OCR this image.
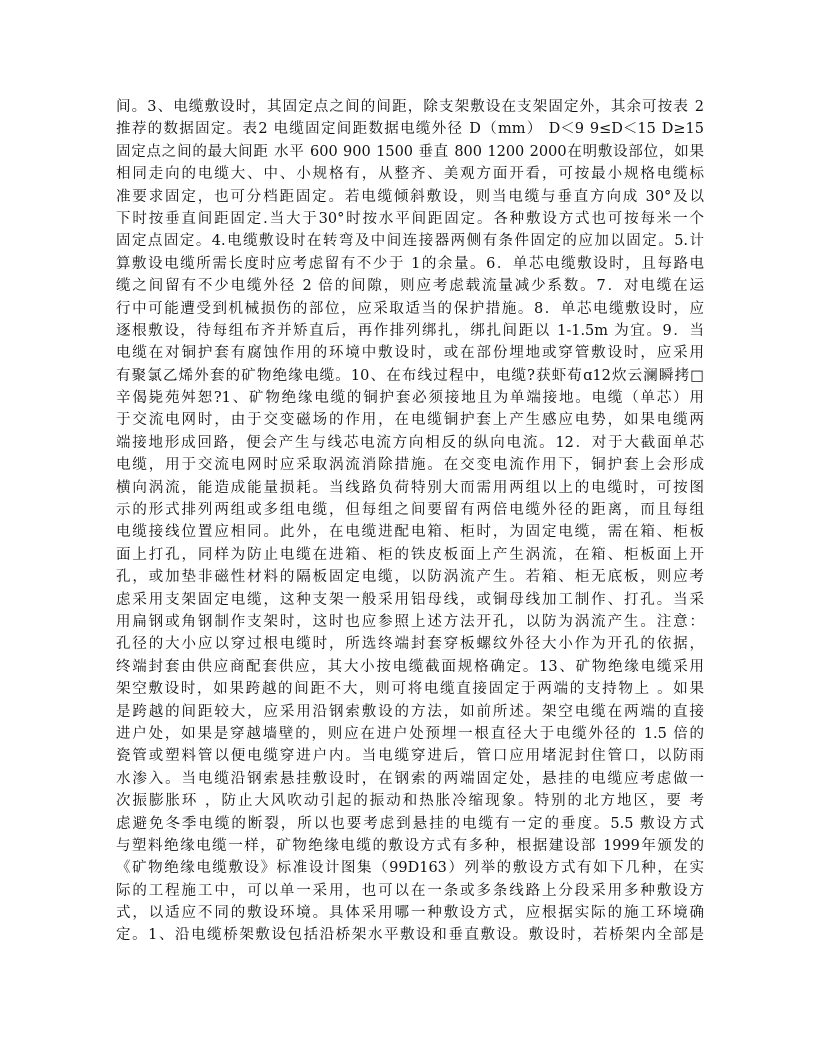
间。3、电缆敷设时，其固定点之间的间距，除支架敷设在支架固定外，其余可按表 2
推荐的数据固定。表2 电缆固定间距数据电缆外径 D（mm） D＜9 9≤D＜15 D≥15
固定点之间的最大间距 水平 600 900 1500 垂直 800 1200 2000在明敷设部位，如果
相同走向的电缆大、中、小规格有，从整齐、美观方面开看，可按最小规格电缆标
准要求固定，也可分档距固定。若电缆倾斜敷设，则当电缆与垂直方向成 30°及以
下时按垂直间距固定.当大于30°时按水平间距固定。各种敷设方式也可按每米一个
固定点固定。4.电缆敷设时在转弯及中间连接器两侧有条件固定的应加以固定。5.计
算敷设电缆所需长度时应考虑留有不少于 1的余量。6．单芯电缆敷设时，且每路电
缆之间留有不少电缆外径 2 倍的间隙，则应考虑载流量减少系数。7．对电缆在运
行中可能遭受到机械损伤的部位，应采取适当的保护措施。8．单芯电缆敷设时，应
逐根敷设，待每组布齐并矫直后，再作排列绑扎，绑扎间距以 1-1.5m 为宜。9．当
电缆在对铜护套有腐蚀作用的环境中敷设时，或在部份埋地或穿管敷设时，应采用
有聚氯乙烯外套的矿物绝缘电缆。10、在布线过程中，电缆?获虾荀ɑ12炊云澜瞬拷□
辛偈毙苑舛恕?1、矿物绝缘电缆的铜护套必须接地且为单端接地。电缆（单芯）用
于交流电网时，由于交变磁场的作用，在电缆铜护套上产生感应电势，如果电缆两
端接地形成回路，便会产生与线芯电流方向相反的纵向电流。12．对于大截面单芯
电缆，用于交流电网时应采取涡流消除措施。在交变电流作用下，铜护套上会形成
横向涡流，能造成能量损耗。当线路负荷特别大而需用两组以上的电缆时，可按图
示的形式排列两组或多组电缆，但每组之间要留有两倍电缆外径的距离，而且每组
电缆接线位置应相同。此外，在电缆进配电箱、柜时，为固定电缆，需在箱、柜板
面上打孔，同样为防止电缆在进箱、柜的铁皮板面上产生涡流，在箱、柜板面上开
孔，或加垫非磁性材料的隔板固定电缆，以防涡流产生。若箱、柜无底板，则应考
虑采用支架固定电缆，这种支架一般采用铝母线，或铜母线加工制作、打孔。当采
用扁钢或角钢制作支架时，这时也应参照上述方法开孔，以防为涡流产生。注意：
孔径的大小应以穿过根电缆时，所选终端封套穿板螺纹外径大小作为开孔的依据，
终端封套由供应商配套供应，其大小按电缆截面规格确定。13、矿物绝缘电缆采用
架空敷设时，如果跨越的间距不大，则可将电缆直接固定于两端的支持物上 。如果
是跨越的间距较大，应采用沿钢索敷设的方法，如前所述。架空电缆在两端的直接
进户处，如果是穿越墙壁的，则应在进户处预埋一根直径大于电缆外径的 1.5 倍的
瓷管或塑料管以便电缆穿进户内。当电缆穿进后，管口应用堵泥封住管口，以防雨
水渗入。当电缆沿钢索悬挂敷设时，在钢索的两端固定处，悬挂的电缆应考虑做一
次振膨胀环 ，防止大风吹动引起的振动和热胀冷缩现象。特别的北方地区，要 考
虑避免冬季电缆的断裂，所以也要考虑到悬挂的电缆有一定的垂度。5.5 敷设方式
与塑料绝缘电缆一样，矿物绝缘电缆的敷设方式有多种，根据建设部 1999年颁发的
《矿物绝缘电缆敷设》标准设计图集（99D163）列举的敷设方式有如下几种，在实
际的工程施工中，可以单一采用，也可以在一条或多条线路上分段采用多种敷设方
式，以适应不同的敷设环境。具体采用哪一种敷设方式，应根据实际的施工环境确
定。1、沿电缆桥架敷设包括沿桥架水平敷设和垂直敷设。敷设时，若桥架内全部是
